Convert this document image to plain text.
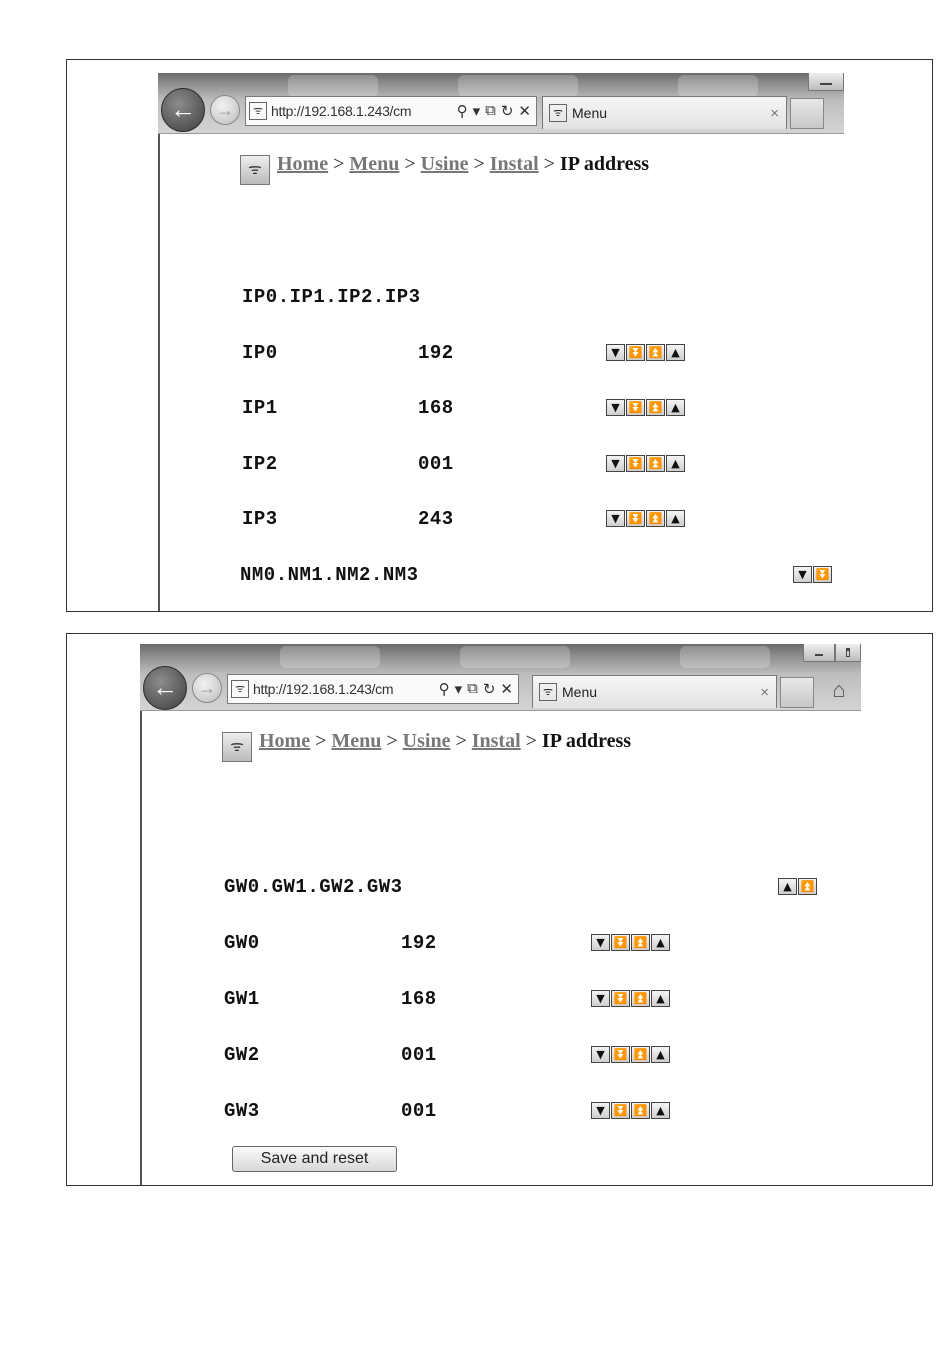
←	→	ᯤ http://192.168.1.243/cm	⚲ ▾ ⧉ ↻ ✕	ᯤ Menu	×
ᯤ Home > Menu > Usine > Instal > IP address
IP0.IP1.IP2.IP3
IP0	192	▼ ⏬ ⏫ ▲
IP1	168	▼ ⏬ ⏫ ▲
IP2	001	▼ ⏬ ⏫ ▲
IP3	243	▼ ⏬ ⏫ ▲
NM0.NM1.NM2.NM3	▼ ⏬
←	→	ᯤ http://192.168.1.243/cm	⚲ ▾ ⧉ ↻ ✕	ᯤ Menu	×	⌂
ᯤ Home > Menu > Usine > Instal > IP address
GW0.GW1.GW2.GW3	▲ ⏫
GW0	192	▼ ⏬ ⏫ ▲
GW1	168	▼ ⏬ ⏫ ▲
GW2	001	▼ ⏬ ⏫ ▲
GW3	001	▼ ⏬ ⏫ ▲
Save and reset
